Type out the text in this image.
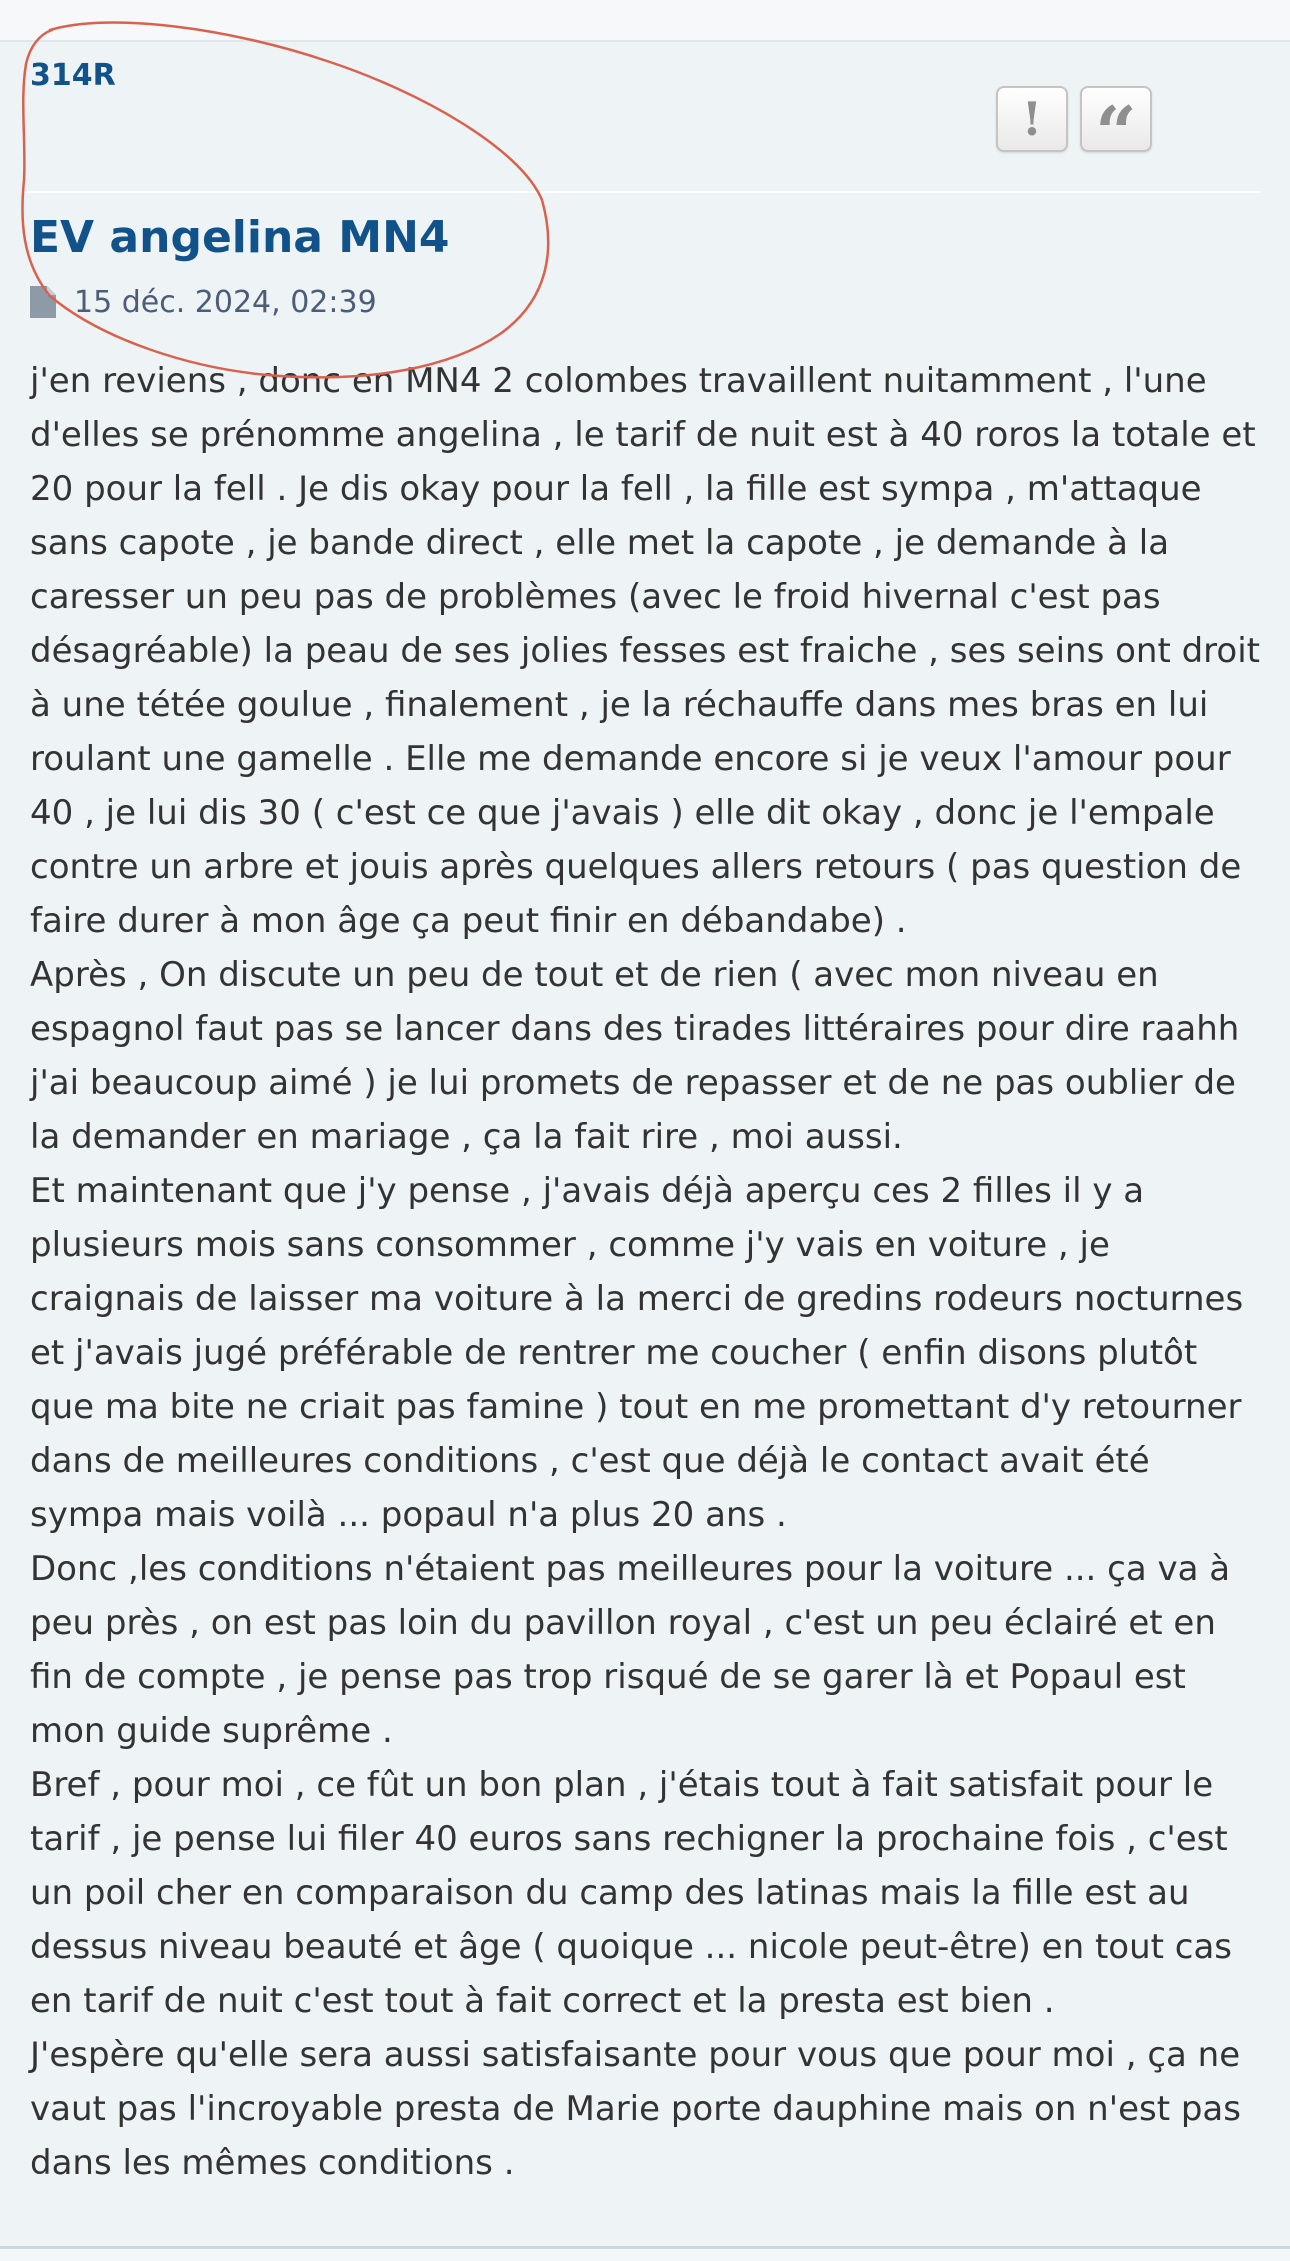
314R
! “
EV angelina MN4
15 déc. 2024, 02:39
j'en reviens , donc en MN4 2 colombes travaillent nuitamment , l'une d'elles se prénomme angelina , le tarif de nuit est à 40 roros la totale et 20 pour la fell . Je dis okay pour la fell , la fille est sympa , m'attaque sans capote , je bande direct , elle met la capote , je demande à la caresser un peu pas de problèmes (avec le froid hivernal c'est pas désagréable) la peau de ses jolies fesses est fraiche , ses seins ont droit à une tétée goulue , finalement , je la réchauffe dans mes bras en lui roulant une gamelle . Elle me demande encore si je veux l'amour pour 40 , je lui dis 30 ( c'est ce que j'avais ) elle dit okay , donc je l'empale contre un arbre et jouis après quelques allers retours ( pas question de faire durer à mon âge ça peut finir en débandabe) .
Après , On discute un peu de tout et de rien ( avec mon niveau en espagnol faut pas se lancer dans des tirades littéraires pour dire raahh j'ai beaucoup aimé ) je lui promets de repasser et de ne pas oublier de la demander en mariage , ça la fait rire , moi aussi.
Et maintenant que j'y pense , j'avais déjà aperçu ces 2 filles il y a plusieurs mois sans consommer , comme j'y vais en voiture , je craignais de laisser ma voiture à la merci de gredins rodeurs nocturnes et j'avais jugé préférable de rentrer me coucher ( enfin disons plutôt que ma bite ne criait pas famine ) tout en me promettant d'y retourner dans de meilleures conditions , c'est que déjà le contact avait été sympa mais voilà ... popaul n'a plus 20 ans .
Donc ,les conditions n'étaient pas meilleures pour la voiture ... ça va à peu près , on est pas loin du pavillon royal , c'est un peu éclairé et en fin de compte , je pense pas trop risqué de se garer là et Popaul est mon guide suprême .
Bref , pour moi , ce fût un bon plan , j'étais tout à fait satisfait pour le tarif , je pense lui filer 40 euros sans rechigner la prochaine fois , c'est un poil cher en comparaison du camp des latinas mais la fille est au dessus niveau beauté et âge ( quoique ... nicole peut-être) en tout cas en tarif de nuit c'est tout à fait correct et la presta est bien .
J'espère qu'elle sera aussi satisfaisante pour vous que pour moi , ça ne vaut pas l'incroyable presta de Marie porte dauphine mais on n'est pas dans les mêmes conditions .
